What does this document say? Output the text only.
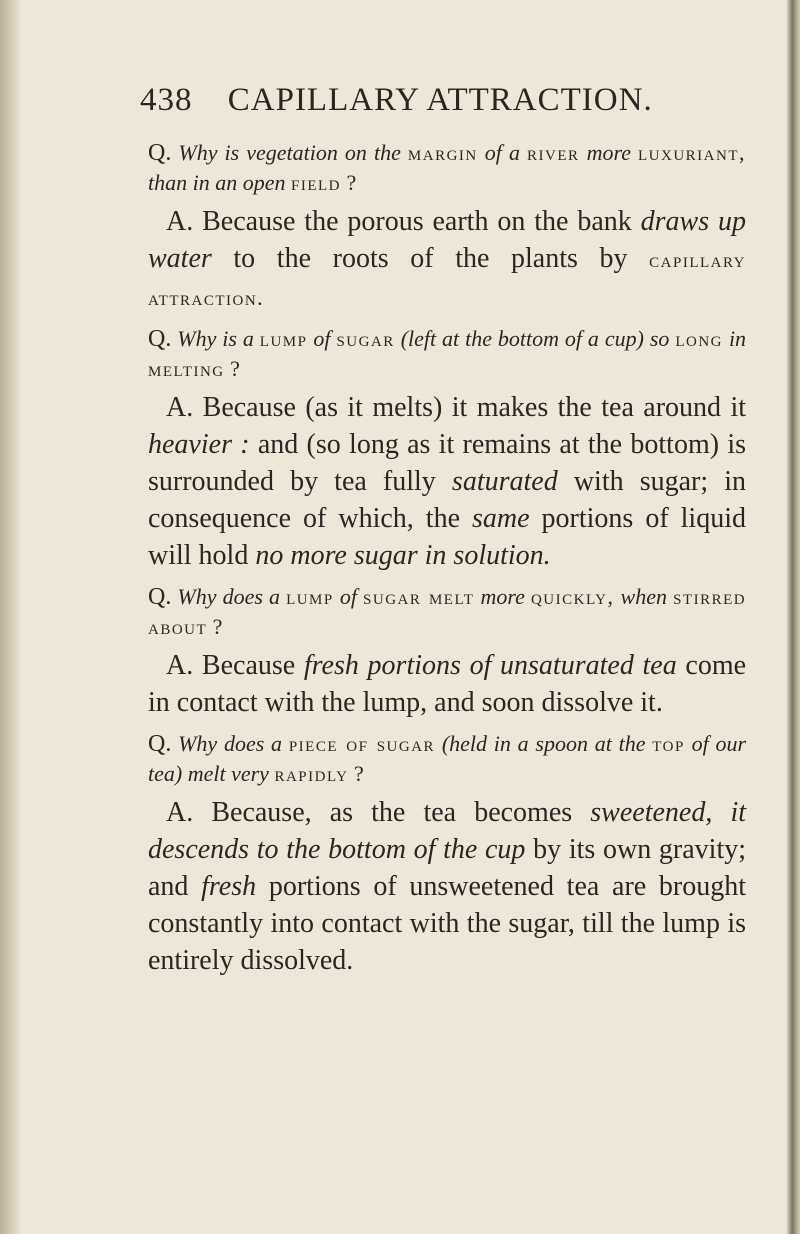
438 CAPILLARY ATTRACTION.

Q. Why is vegetation on the margin of a river more luxuriant, than in an open field ?

A. Because the porous earth on the bank draws up water to the roots of the plants by capillary attraction.

Q. Why is a lump of sugar (left at the bottom of a cup) so long in melting ?

A. Because (as it melts) it makes the tea around it heavier : and (so long as it remains at the bottom) is surrounded by tea fully saturated with sugar; in consequence of which, the same portions of liquid will hold no more sugar in solution.

Q. Why does a lump of sugar melt more quickly, when stirred about ?

A. Because fresh portions of unsaturated tea come in contact with the lump, and soon dissolve it.

Q. Why does a piece of sugar (held in a spoon at the top of our tea) melt very rapidly ?

A. Because, as the tea becomes sweetened, it descends to the bottom of the cup by its own gravity; and fresh portions of unsweetened tea are brought constantly into contact with the sugar, till the lump is entirely dissolved.
